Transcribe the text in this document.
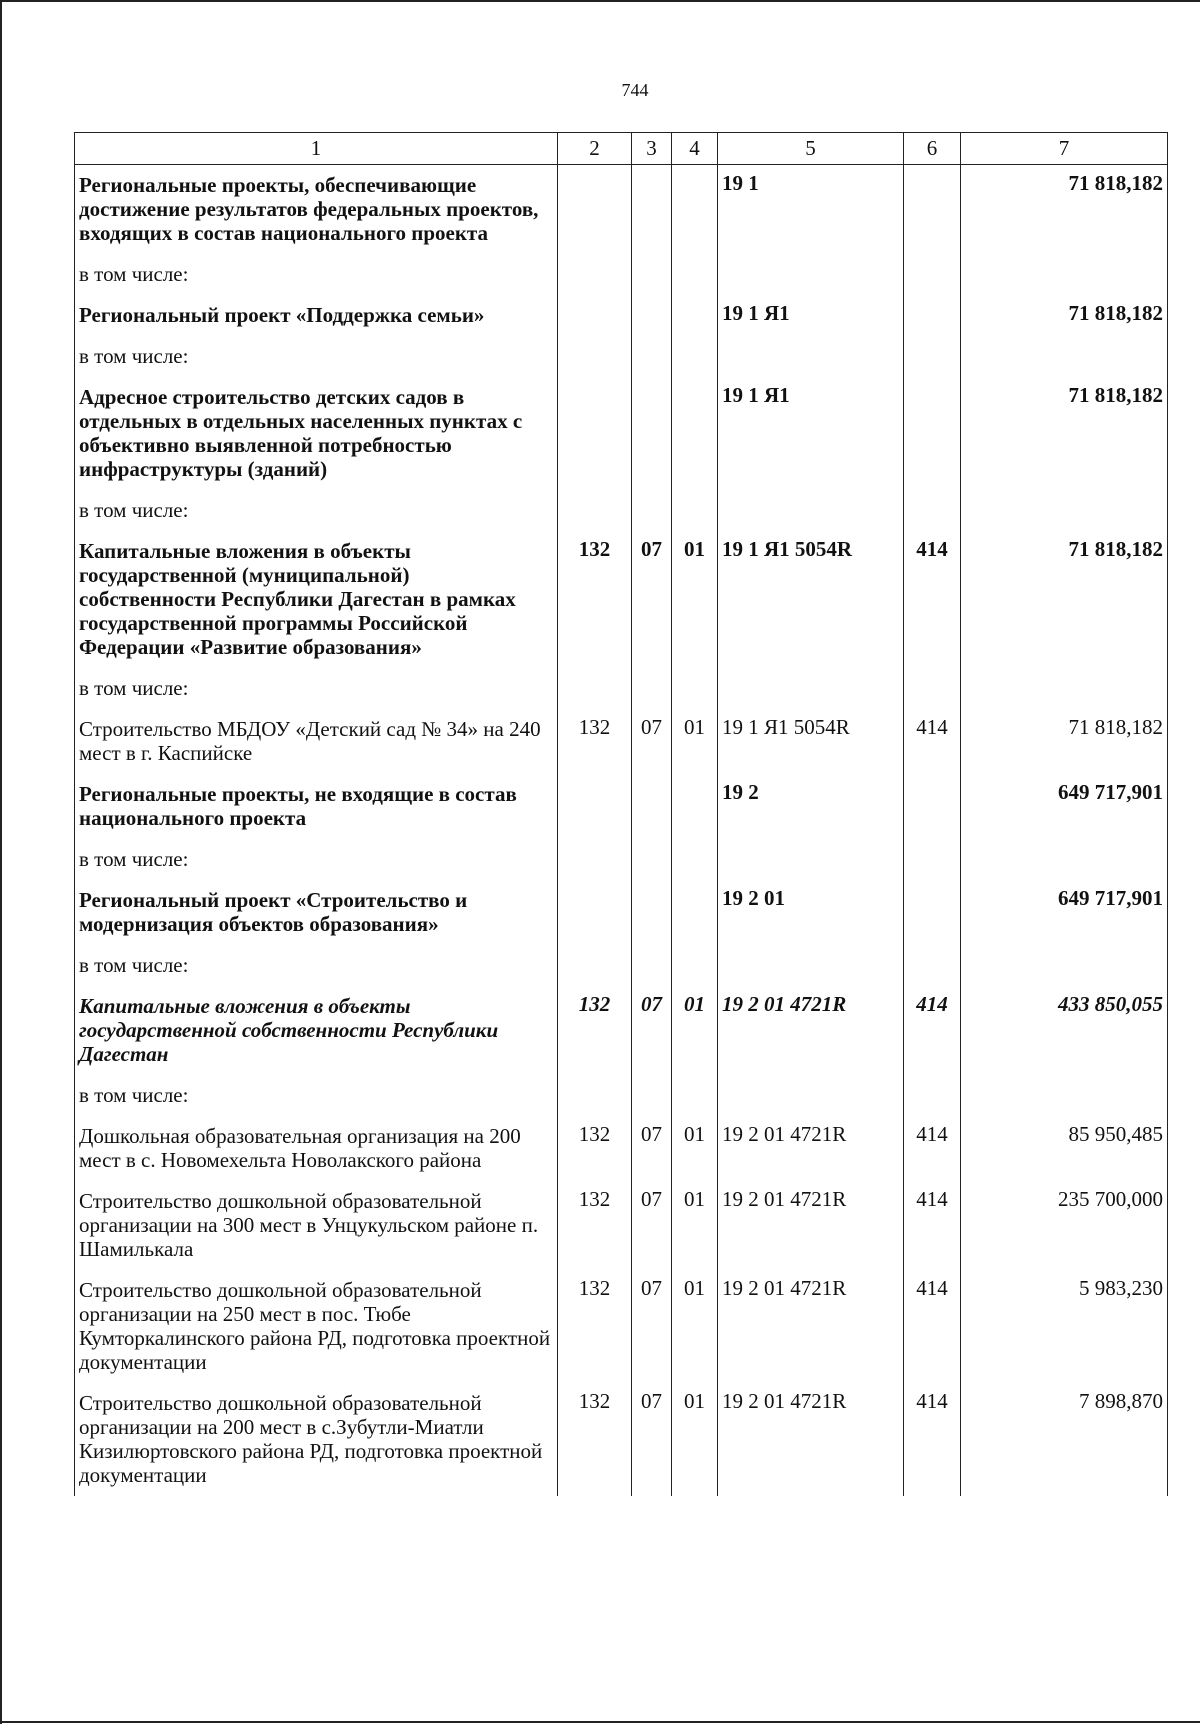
744
1	2	3	4	5	6	7
Региональные проекты, обеспечивающие достижение результатов федеральных проектов, входящих в состав национального проекта				19 1		71 818,182
в том числе:						
Региональный проект «Поддержка семьи»				19 1 Я1		71 818,182
в том числе:						
Адресное строительство детских садов в отдельных в отдельных населенных пунктах с объективно выявленной потребностью инфраструктуры (зданий)				19 1 Я1		71 818,182
в том числе:						
Капитальные вложения в объекты государственной (муниципальной) собственности Республики Дагестан в рамках государственной программы Российской Федерации «Развитие образования»	132	07	01	19 1 Я1 5054R	414	71 818,182
в том числе:						
Строительство МБДОУ «Детский сад № 34» на 240 мест в г. Каспийске	132	07	01	19 1 Я1 5054R	414	71 818,182
Региональные проекты, не входящие в состав национального проекта				19 2		649 717,901
в том числе:						
Региональный проект «Строительство и модернизация объектов образования»				19 2 01		649 717,901
в том числе:						
Капитальные вложения в объекты государственной собственности Республики Дагестан	132	07	01	19 2 01 4721R	414	433 850,055
в том числе:						
Дошкольная образовательная организация на 200 мест в с. Новомехельта Новолакского района	132	07	01	19 2 01 4721R	414	85 950,485
Строительство дошкольной образовательной организации на 300 мест в Унцукульском районе п. Шамилькала	132	07	01	19 2 01 4721R	414	235 700,000
Строительство дошкольной образовательной организации на 250 мест в пос. Тюбе Кумторкалинского района РД, подготовка проектной документации	132	07	01	19 2 01 4721R	414	5 983,230
Строительство дошкольной образовательной организации на 200 мест в с.Зубутли-Миатли Кизилюртовского района РД, подготовка проектной документации	132	07	01	19 2 01 4721R	414	7 898,870
